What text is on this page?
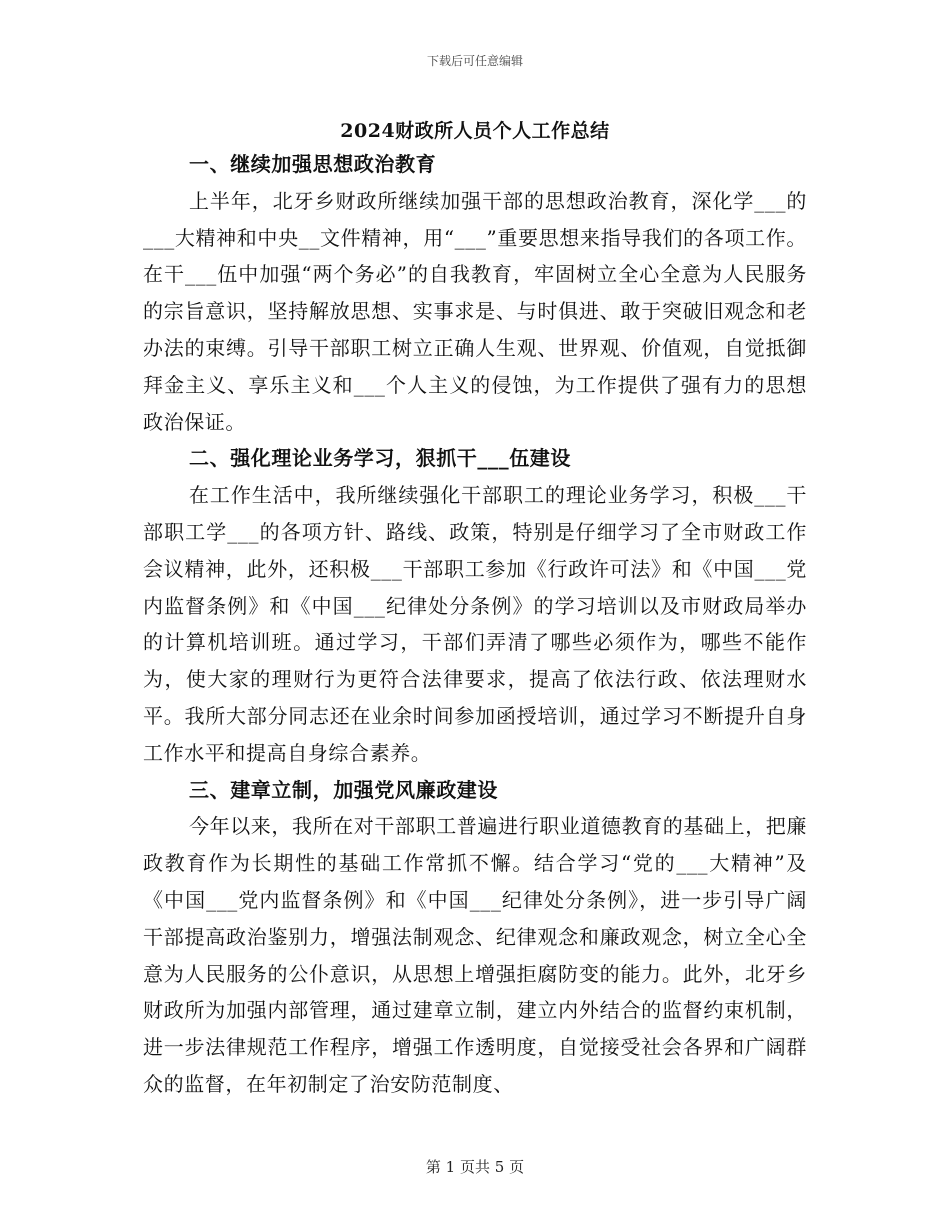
下载后可任意编辑
2024财政所人员个人工作总结

一、继续加强思想政治教育

上半年，北牙乡财政所继续加强干部的思想政治教育，深化学___的___大精神和中央__文件精神，用“___”重要思想来指导我们的各项工作。在干___伍中加强“两个务必”的自我教育，牢固树立全心全意为人民服务的宗旨意识，坚持解放思想、实事求是、与时俱进、敢于突破旧观念和老办法的束缚。引导干部职工树立正确人生观、世界观、价值观，自觉抵御拜金主义、享乐主义和___个人主义的侵蚀，为工作提供了强有力的思想政治保证。

二、强化理论业务学习，狠抓干___伍建设

在工作生活中，我所继续强化干部职工的理论业务学习，积极___干部职工学___的各项方针、路线、政策，特别是仔细学习了全市财政工作会议精神，此外，还积极___干部职工参加《行政许可法》和《中国___党内监督条例》和《中国___纪律处分条例》的学习培训以及市财政局举办的计算机培训班。通过学习，干部们弄清了哪些必须作为，哪些不能作为，使大家的理财行为更符合法律要求，提高了依法行政、依法理财水平。我所大部分同志还在业余时间参加函授培训，通过学习不断提升自身工作水平和提高自身综合素养。

三、建章立制，加强党风廉政建设

今年以来，我所在对干部职工普遍进行职业道德教育的基础上，把廉政教育作为长期性的基础工作常抓不懈。结合学习“党的___大精神”及《中国___党内监督条例》和《中国___纪律处分条例》，进一步引导广阔干部提高政治鉴别力，增强法制观念、纪律观念和廉政观念，树立全心全意为人民服务的公仆意识，从思想上增强拒腐防变的能力。此外，北牙乡财政所为加强内部管理，通过建章立制，建立内外结合的监督约束机制，进一步法律规范工作程序，增强工作透明度，自觉接受社会各界和广阔群众的监督，在年初制定了治安防范制度、

第 1 页共 5 页
